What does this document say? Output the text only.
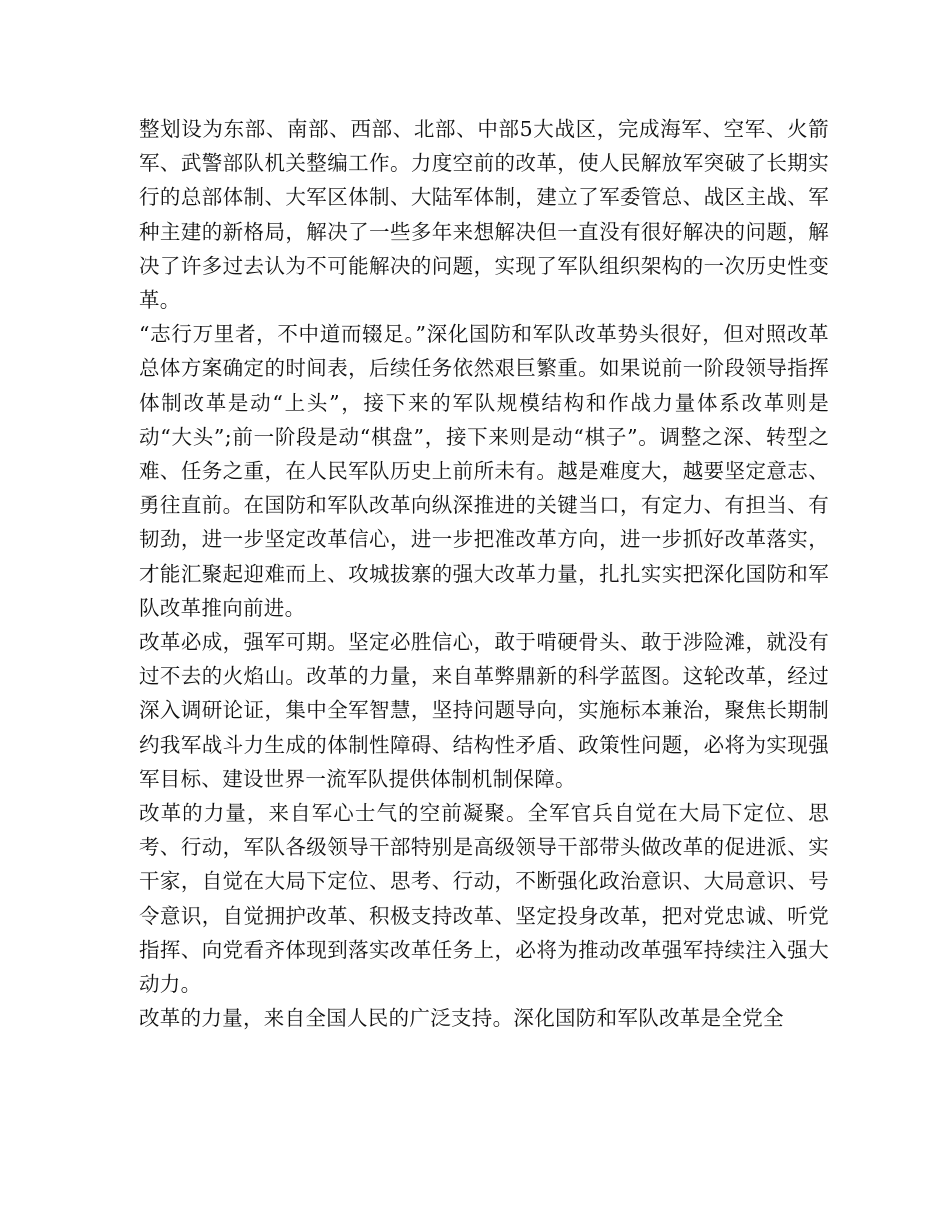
整划设为东部、南部、西部、北部、中部5大战区，完成海军、空军、火箭军、武警部队机关整编工作。力度空前的改革，使人民解放军突破了长期实行的总部体制、大军区体制、大陆军体制，建立了军委管总、战区主战、军种主建的新格局，解决了一些多年来想解决但一直没有很好解决的问题，解决了许多过去认为不可能解决的问题，实现了军队组织架构的一次历史性变革。

“志行万里者，不中道而辍足。”深化国防和军队改革势头很好，但对照改革总体方案确定的时间表，后续任务依然艰巨繁重。如果说前一阶段领导指挥体制改革是动“上头”，接下来的军队规模结构和作战力量体系改革则是动“大头”;前一阶段是动“棋盘”，接下来则是动“棋子”。调整之深、转型之难、任务之重，在人民军队历史上前所未有。越是难度大，越要坚定意志、勇往直前。在国防和军队改革向纵深推进的关键当口，有定力、有担当、有韧劲，进一步坚定改革信心，进一步把准改革方向，进一步抓好改革落实，才能汇聚起迎难而上、攻城拔寨的强大改革力量，扎扎实实把深化国防和军队改革推向前进。

改革必成，强军可期。坚定必胜信心，敢于啃硬骨头、敢于涉险滩，就没有过不去的火焰山。改革的力量，来自革弊鼎新的科学蓝图。这轮改革，经过深入调研论证，集中全军智慧，坚持问题导向，实施标本兼治，聚焦长期制约我军战斗力生成的体制性障碍、结构性矛盾、政策性问题，必将为实现强军目标、建设世界一流军队提供体制机制保障。

改革的力量，来自军心士气的空前凝聚。全军官兵自觉在大局下定位、思考、行动，军队各级领导干部特别是高级领导干部带头做改革的促进派、实干家，自觉在大局下定位、思考、行动，不断强化政治意识、大局意识、号令意识，自觉拥护改革、积极支持改革、坚定投身改革，把对党忠诚、听党指挥、向党看齐体现到落实改革任务上，必将为推动改革强军持续注入强大动力。

改革的力量，来自全国人民的广泛支持。深化国防和军队改革是全党全
